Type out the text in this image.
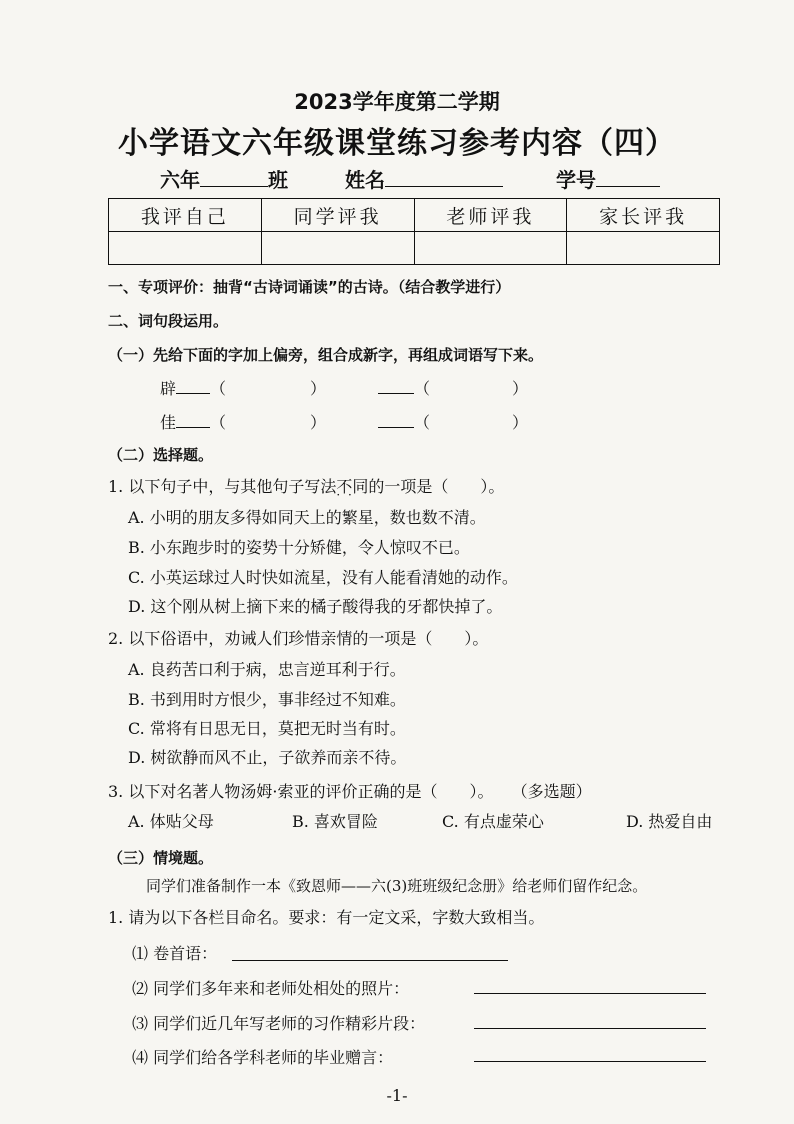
2023学年度第二学期
小学语文六年级课堂练习参考内容（四）
六年	班	姓名	学号
我评自己	同学评我	老师评我	家长评我

一、专项评价：抽背“古诗词诵读”的古诗。（结合教学进行）
二、词句段运用。
（一）先给下面的字加上偏旁，组合成新字，再组成词语写下来。
辟 （	）	（	）
佳 （	）	（	）
（二）选择题。
1. 以下句子中，与其他句子写法不同 · ·的一项是（　　）。
A. 小明的朋友多得如同天上的繁星，数也数不清。
B. 小东跑步时的姿势十分矫健，令人惊叹不已。
C. 小英运球过人时快如流星，没有人能看清她的动作。
D. 这个刚从树上摘下来的橘子酸得我的牙都快掉了。
2. 以下俗语中，劝诫人们珍惜亲情的一项是（　　）。
A. 良药苦口利于病，忠言逆耳利于行。
B. 书到用时方恨少，事非经过不知难。
C. 常将有日思无日，莫把无时当有时。
D. 树欲静而风不止，子欲养而亲不待。
3. 以下对名著人物汤姆·索亚的评价正确的是（　　）。 （多选题）
A. 体贴父母	B. 喜欢冒险	C. 有点虚荣心	D. 热爱自由
（三）情境题。
同学们准备制作一本《致恩师——六(3)班班级纪念册》给老师们留作纪念。
1. 请为以下各栏目命名。要求：有一定文采，字数大致相当。
⑴ 卷首语：
⑵ 同学们多年来和老师处相处的照片：
⑶ 同学们近几年写老师的习作精彩片段：
⑷ 同学们给各学科老师的毕业赠言：
-1-
